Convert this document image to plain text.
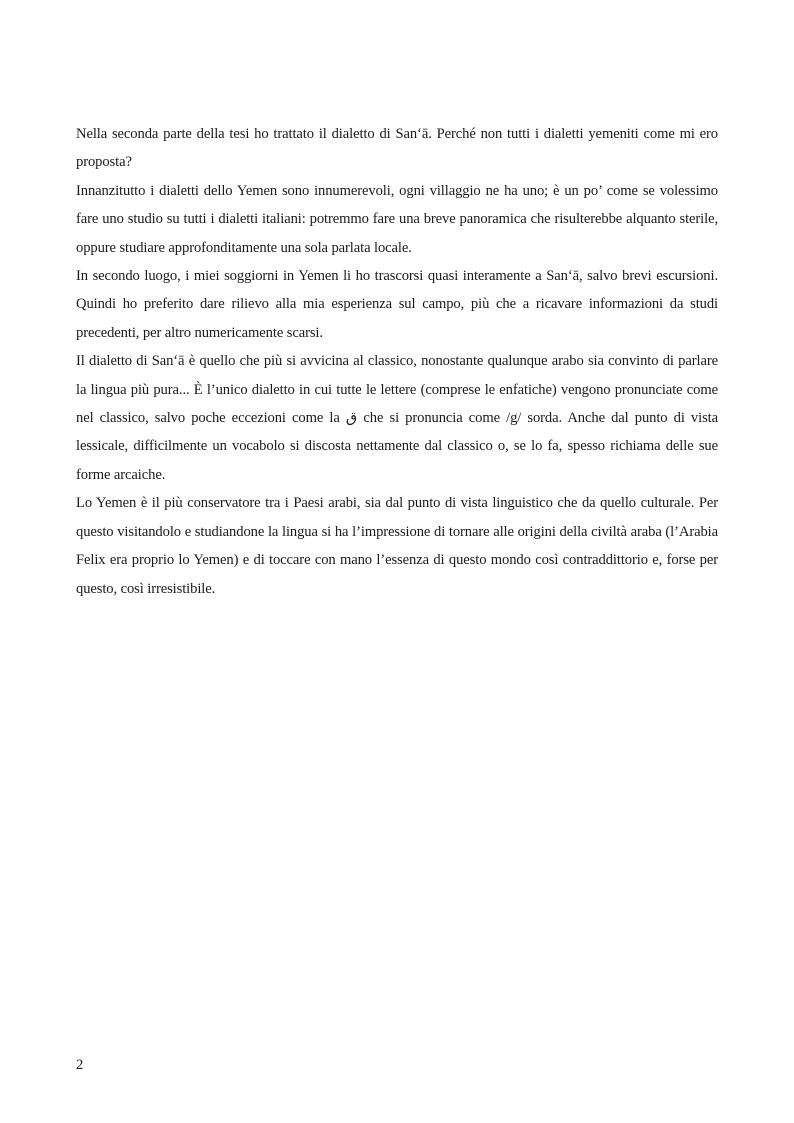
Nella seconda parte della tesi ho trattato il dialetto di San‘ā. Perché non tutti i dialetti yemeniti come mi ero proposta?

Innanzitutto i dialetti dello Yemen sono innumerevoli, ogni villaggio ne ha uno; è un po’ come se volessimo fare uno studio su tutti i dialetti italiani: potremmo fare una breve panoramica che risulterebbe alquanto sterile, oppure studiare approfonditamente una sola parlata locale.

In secondo luogo, i miei soggiorni in Yemen li ho trascorsi quasi interamente a San‘ā, salvo brevi escursioni. Quindi ho preferito dare rilievo alla mia esperienza sul campo, più che a ricavare informazioni da studi precedenti, per altro numericamente scarsi.

Il dialetto di San‘ā è quello che più si avvicina al classico, nonostante qualunque arabo sia convinto di parlare la lingua più pura... È l’unico dialetto in cui tutte le lettere (comprese le enfatiche) vengono pronunciate come nel classico, salvo poche eccezioni come la ق che si pronuncia come /g/ sorda. Anche dal punto di vista lessicale, difficilmente un vocabolo si discosta nettamente dal classico o, se lo fa, spesso richiama delle sue forme arcaiche.

Lo Yemen è il più conservatore tra i Paesi arabi, sia dal punto di vista linguistico che da quello culturale. Per questo visitandolo e studiandone la lingua si ha l’impressione di tornare alle origini della civiltà araba (l’Arabia Felix era proprio lo Yemen) e di toccare con mano l’essenza di questo mondo così contraddittorio e, forse per questo, così irresistibile.

2
